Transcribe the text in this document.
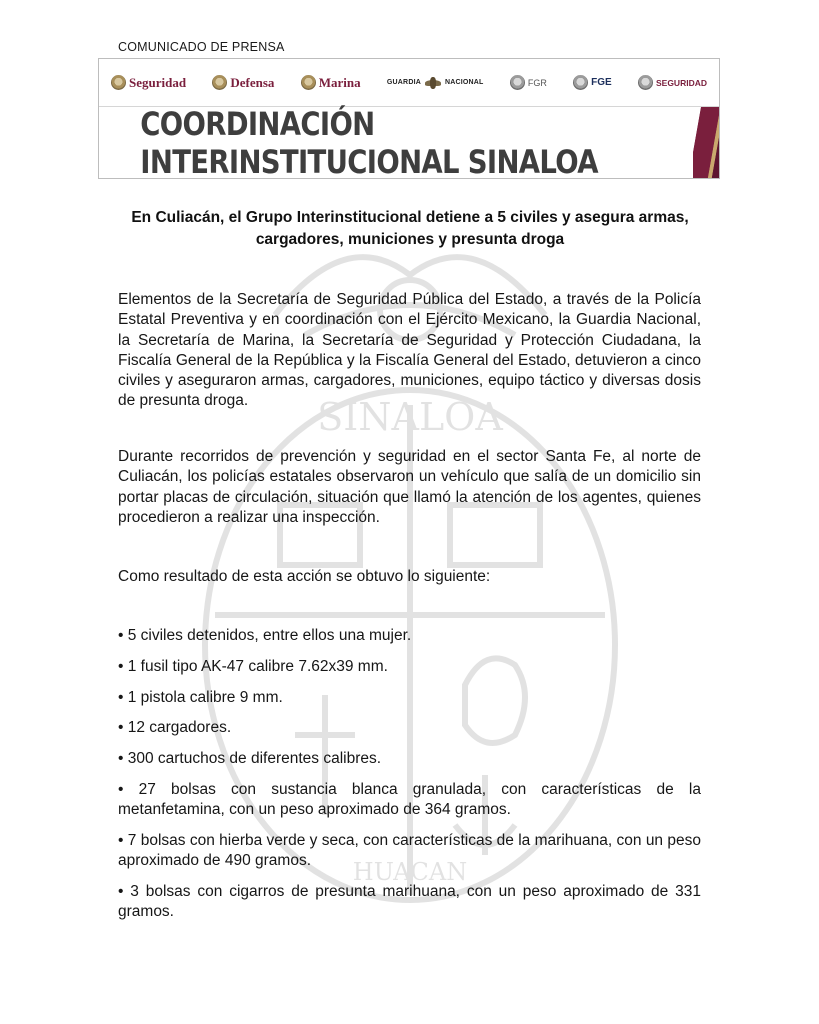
SINALOA
HUACAN
COMUNICADO DE PRENSA
Seguridad	Defensa	Marina	GUARDIA	NACIONAL	FGR	FGE	SEGURIDAD
COORDINACIÓN INTERINSTITUCIONAL SINALOA
En Culiacán, el Grupo Interinstitucional detiene a 5 civiles y asegura armas, cargadores, municiones y presunta droga
Elementos de la Secretaría de Seguridad Pública del Estado, a través de la Policía Estatal Preventiva y en coordinación con el Ejército Mexicano, la Guardia Nacional, la Secretaría de Marina, la Secretaría de Seguridad y Protección Ciudadana, la Fiscalía General de la República y la Fiscalía General del Estado, detuvieron a cinco civiles y aseguraron armas, cargadores, municiones, equipo táctico y diversas dosis de presunta droga.
Durante recorridos de prevención y seguridad en el sector Santa Fe, al norte de Culiacán, los policías estatales observaron un vehículo que salía de un domicilio sin portar placas de circulación, situación que llamó la atención de los agentes, quienes procedieron a realizar una inspección.
Como resultado de esta acción se obtuvo lo siguiente:
• 5 civiles detenidos, entre ellos una mujer.
• 1 fusil tipo AK-47 calibre 7.62x39 mm.
• 1 pistola calibre 9 mm.
• 12 cargadores.
• 300 cartuchos de diferentes calibres.
• 27 bolsas con sustancia blanca granulada, con características de la metanfetamina, con un peso aproximado de 364 gramos.
• 7 bolsas con hierba verde y seca, con características de la marihuana, con un peso aproximado de 490 gramos.
• 3 bolsas con cigarros de presunta marihuana, con un peso aproximado de 331 gramos.
